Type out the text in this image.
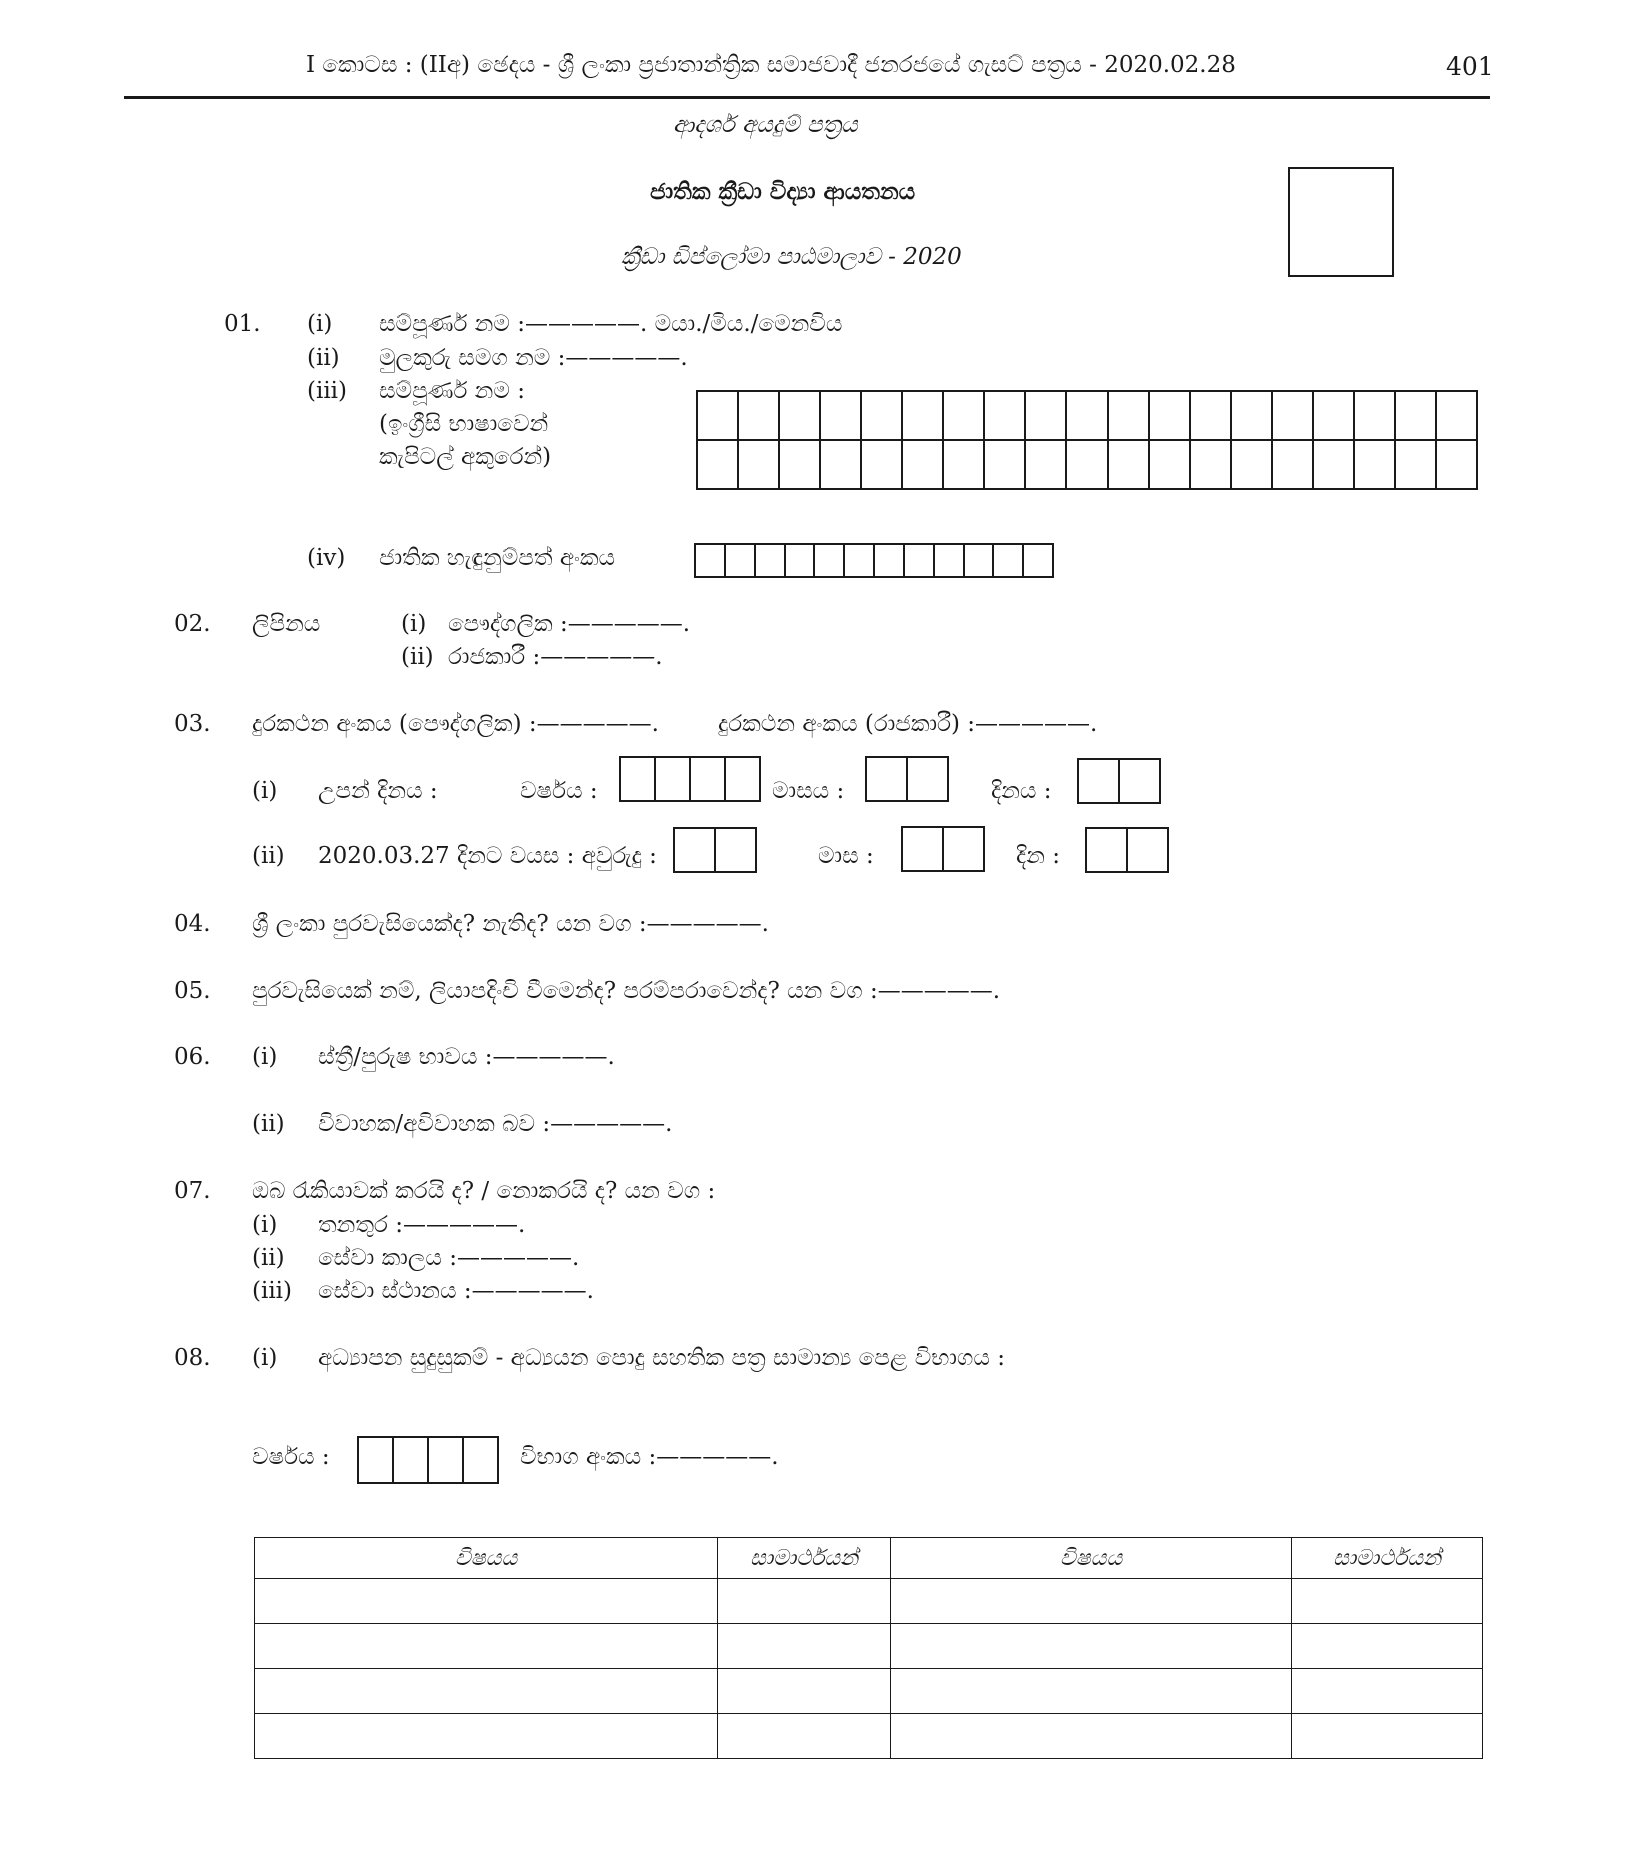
I කොටස : (IIඅ) ඡෙදය - ශ්‍රී ලංකා ප්‍රජාතාන්ත්‍රික සමාජවාදී ජනරජයේ ගැසට් පත්‍රය - 2020.02.28	401
ආදර්ශ අයදුම් පත්‍රය
ජාතික ක්‍රීඩා විද්‍යා ආයතනය
ක්‍රීඩා ඩිප්ලෝමා පාඨමාලාව - 2020
01. (i) සම්පූර්ණ නම :—————. මයා./මිය./මෙනවිය
(ii) මුලකුරු සමග නම :—————.
(iii) සම්පූර්ණ නම :
(ඉංග්‍රීසි භාෂාවෙන්
කැපිටල් අකුරෙන්)
(iv) ජාතික හැඳුනුම්පත් අංකය
02. ලිපිනය	(i) පෞද්ගලික :—————.
(ii) රාජකාරී :—————.
03. දුරකථන අංකය (පෞද්ගලික) :—————.	දුරකථන අංකය (රාජකාරී) :—————.
(i) උපන් දිනය :	වර්ෂය :	මාසය :	දිනය :
(ii) 2020.03.27 දිනට වයස : අවුරුදු :	මාස :	දින :
04. ශ්‍රී ලංකා පුරවැසියෙක්ද? නැතිද? යන වග :—————.
05. පුරවැසියෙක් නම්, ලියාපදිංචි වීමෙන්ද? පරම්පරාවෙන්ද? යන වග :—————.
06. (i) ස්ත්‍රී/පුරුෂ භාවය :—————.
(ii) විවාහක/අවිවාහක බව :—————.
07. ඔබ රැකියාවක් කරයි ද? / නොකරයි ද? යන වග :
(i) තනතුර :—————.
(ii) සේවා කාලය :—————.
(iii) සේවා ස්ථානය :—————.
08. (i) අධ්‍යාපන සුදුසුකම් - අධ්‍යයන පොදු සහතික පත්‍ර සාමාන්‍ය පෙළ විභාගය :
වර්ෂය :	විභාග අංකය :—————.
විෂයය	සාමාර්ථයන්	විෂයය	සාමාර්ථයන්
